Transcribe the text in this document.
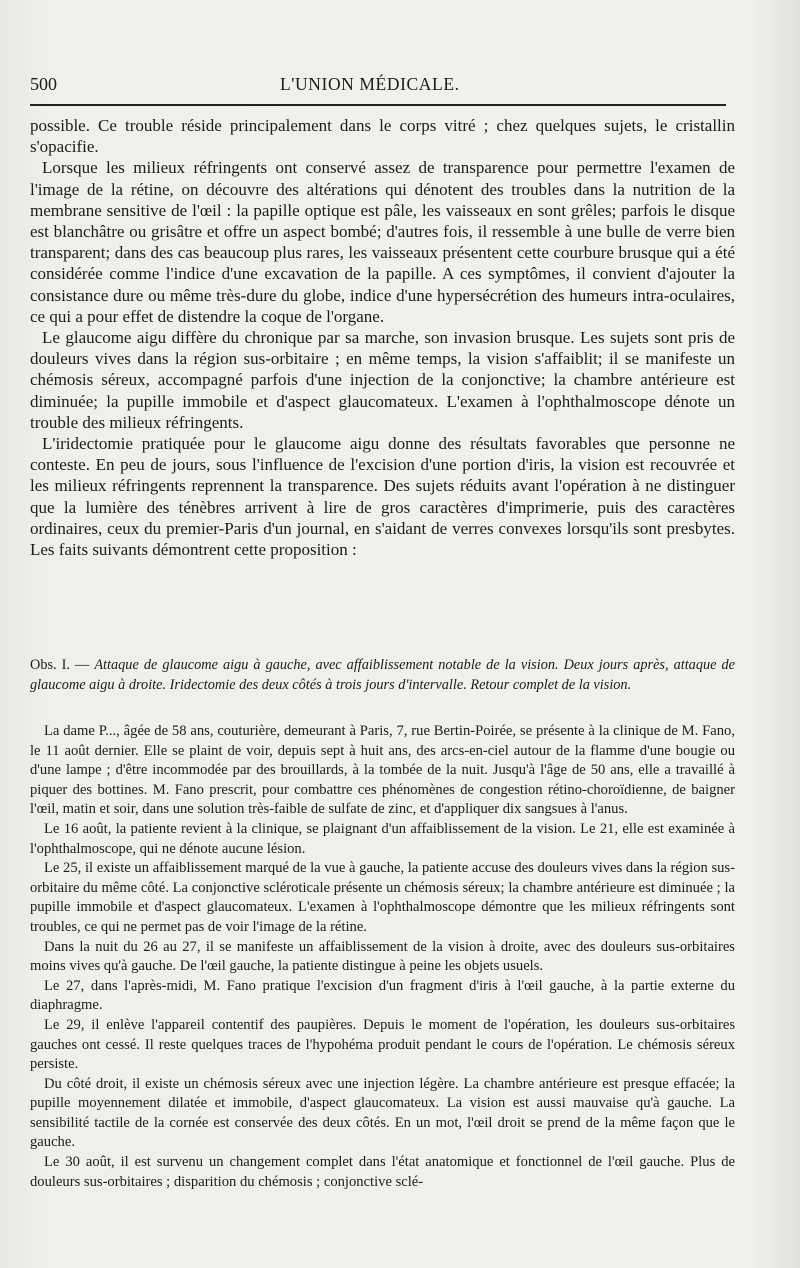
500	L'UNION MÉDICALE.

possible. Ce trouble réside principalement dans le corps vitré ; chez quelques sujets, le cristallin s'opacifie.

Lorsque les milieux réfringents ont conservé assez de transparence pour permettre l'examen de l'image de la rétine, on découvre des altérations qui dénotent des troubles dans la nutrition de la membrane sensitive de l'œil : la papille optique est pâle, les vaisseaux en sont grêles; parfois le disque est blanchâtre ou grisâtre et offre un aspect bombé; d'autres fois, il ressemble à une bulle de verre bien transparent; dans des cas beaucoup plus rares, les vaisseaux présentent cette courbure brusque qui a été considérée comme l'indice d'une excavation de la papille. A ces symptômes, il convient d'ajouter la consistance dure ou même très-dure du globe, indice d'une hypersécrétion des humeurs intra-oculaires, ce qui a pour effet de distendre la coque de l'organe.

Le glaucome aigu diffère du chronique par sa marche, son invasion brusque. Les sujets sont pris de douleurs vives dans la région sus-orbitaire ; en même temps, la vision s'affaiblit; il se manifeste un chémosis séreux, accompagné parfois d'une injection de la conjonctive; la chambre antérieure est diminuée; la pupille immobile et d'aspect glaucomateux. L'examen à l'ophthalmoscope dénote un trouble des milieux réfringents.

L'iridectomie pratiquée pour le glaucome aigu donne des résultats favorables que personne ne conteste. En peu de jours, sous l'influence de l'excision d'une portion d'iris, la vision est recouvrée et les milieux réfringents reprennent la transparence. Des sujets réduits avant l'opération à ne distinguer que la lumière des ténèbres arrivent à lire de gros caractères d'imprimerie, puis des caractères ordinaires, ceux du premier-Paris d'un journal, en s'aidant de verres convexes lorsqu'ils sont presbytes. Les faits suivants démontrent cette proposition :

Obs. I. — Attaque de glaucome aigu à gauche, avec affaiblissement notable de la vision. Deux jours après, attaque de glaucome aigu à droite. Iridectomie des deux côtés à trois jours d'intervalle. Retour complet de la vision.

La dame P..., âgée de 58 ans, couturière, demeurant à Paris, 7, rue Bertin-Poirée, se présente à la clinique de M. Fano, le 11 août dernier. Elle se plaint de voir, depuis sept à huit ans, des arcs-en-ciel autour de la flamme d'une bougie ou d'une lampe ; d'être incommodée par des brouillards, à la tombée de la nuit. Jusqu'à l'âge de 50 ans, elle a travaillé à piquer des bottines. M. Fano prescrit, pour combattre ces phénomènes de congestion rétino-choroïdienne, de baigner l'œil, matin et soir, dans une solution très-faible de sulfate de zinc, et d'appliquer dix sangsues à l'anus.

Le 16 août, la patiente revient à la clinique, se plaignant d'un affaiblissement de la vision. Le 21, elle est examinée à l'ophthalmoscope, qui ne dénote aucune lésion.

Le 25, il existe un affaiblissement marqué de la vue à gauche, la patiente accuse des douleurs vives dans la région sus-orbitaire du même côté. La conjonctive scléroticale présente un chémosis séreux; la chambre antérieure est diminuée ; la pupille immobile et d'aspect glaucomateux. L'examen à l'ophthalmoscope démontre que les milieux réfringents sont troubles, ce qui ne permet pas de voir l'image de la rétine.

Dans la nuit du 26 au 27, il se manifeste un affaiblissement de la vision à droite, avec des douleurs sus-orbitaires moins vives qu'à gauche. De l'œil gauche, la patiente distingue à peine les objets usuels.

Le 27, dans l'après-midi, M. Fano pratique l'excision d'un fragment d'iris à l'œil gauche, à la partie externe du diaphragme.

Le 29, il enlève l'appareil contentif des paupières. Depuis le moment de l'opération, les douleurs sus-orbitaires gauches ont cessé. Il reste quelques traces de l'hypohéma produit pendant le cours de l'opération. Le chémosis séreux persiste.

Du côté droit, il existe un chémosis séreux avec une injection légère. La chambre antérieure est presque effacée; la pupille moyennement dilatée et immobile, d'aspect glaucomateux. La vision est aussi mauvaise qu'à gauche. La sensibilité tactile de la cornée est conservée des deux côtés. En un mot, l'œil droit se prend de la même façon que le gauche.

Le 30 août, il est survenu un changement complet dans l'état anatomique et fonctionnel de l'œil gauche. Plus de douleurs sus-orbitaires ; disparition du chémosis ; conjonctive sclé-
